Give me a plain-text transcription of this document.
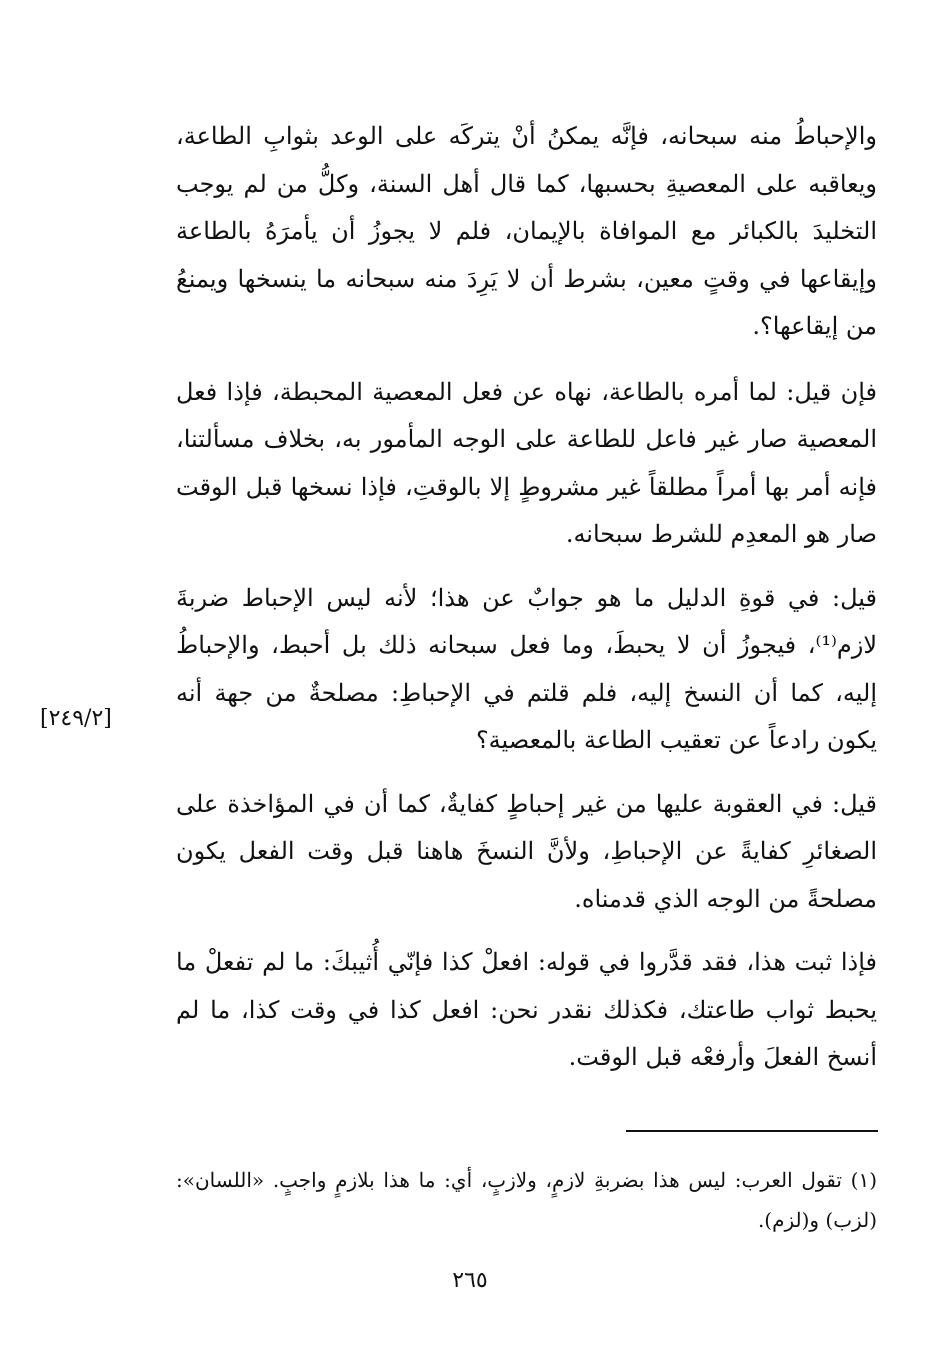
والإحباطُ منه سبحانه، فإنَّه يمكنُ أنْ يتركَه على الوعد بثوابِ الطاعة، ويعاقبه على المعصيةِ بحسبها، كما قال أهل السنة، وكلُّ من لم يوجب التخليدَ بالكبائر مع الموافاة بالإيمان، فلم لا يجوزُ أن يأمرَهُ بالطاعة وإيقاعها في وقتٍ معين، بشرط أن لا يَرِدَ منه سبحانه ما ينسخها ويمنعُ من إيقاعها؟.

فإن قيل: لما أمره بالطاعة، نهاه عن فعل المعصية المحبطة، فإذا فعل المعصية صار غير فاعل للطاعة على الوجه المأمور به، بخلاف مسألتنا، فإنه أمر بها أمراً مطلقاً غير مشروطٍ إلا بالوقتِ، فإذا نسخها قبل الوقت صار هو المعدِم للشرط سبحانه.

قيل: في قوةِ الدليل ما هو جوابٌ عن هذا؛ لأنه ليس الإحباط ضربةَ لازم⁽¹⁾، فيجوزُ أن لا يحبطَ، وما فعل سبحانه ذلك بل أحبط، والإحباطُ إليه، كما أن النسخ إليه، فلم قلتم في الإحباطِ: مصلحةٌ من جهة أنه يكون رادعاً عن تعقيب الطاعة بالمعصية؟

قيل: في العقوبة عليها من غير إحباطٍ كفايةٌ، كما أن في المؤاخذة على الصغائرِ كفايةً عن الإحباطِ، ولأنَّ النسخَ هاهنا قبل وقت الفعل يكون مصلحةً من الوجه الذي قدمناه.

فإذا ثبت هذا، فقد قدَّروا في قوله: افعلْ كذا فإنّي أُثيبكَ: ما لم تفعلْ ما يحبط ثواب طاعتك، فكذلك نقدر نحن: افعل كذا في وقت كذا، ما لم أنسخ الفعلَ وأرفعْه قبل الوقت.

[٢٤٩/٢]
(١) تقول العرب: ليس هذا بضربةِ لازمٍ، ولازبٍ، أي: ما هذا بلازمٍ واجبٍ. «اللسان»: (لزب) و(لزم).
٢٦٥
